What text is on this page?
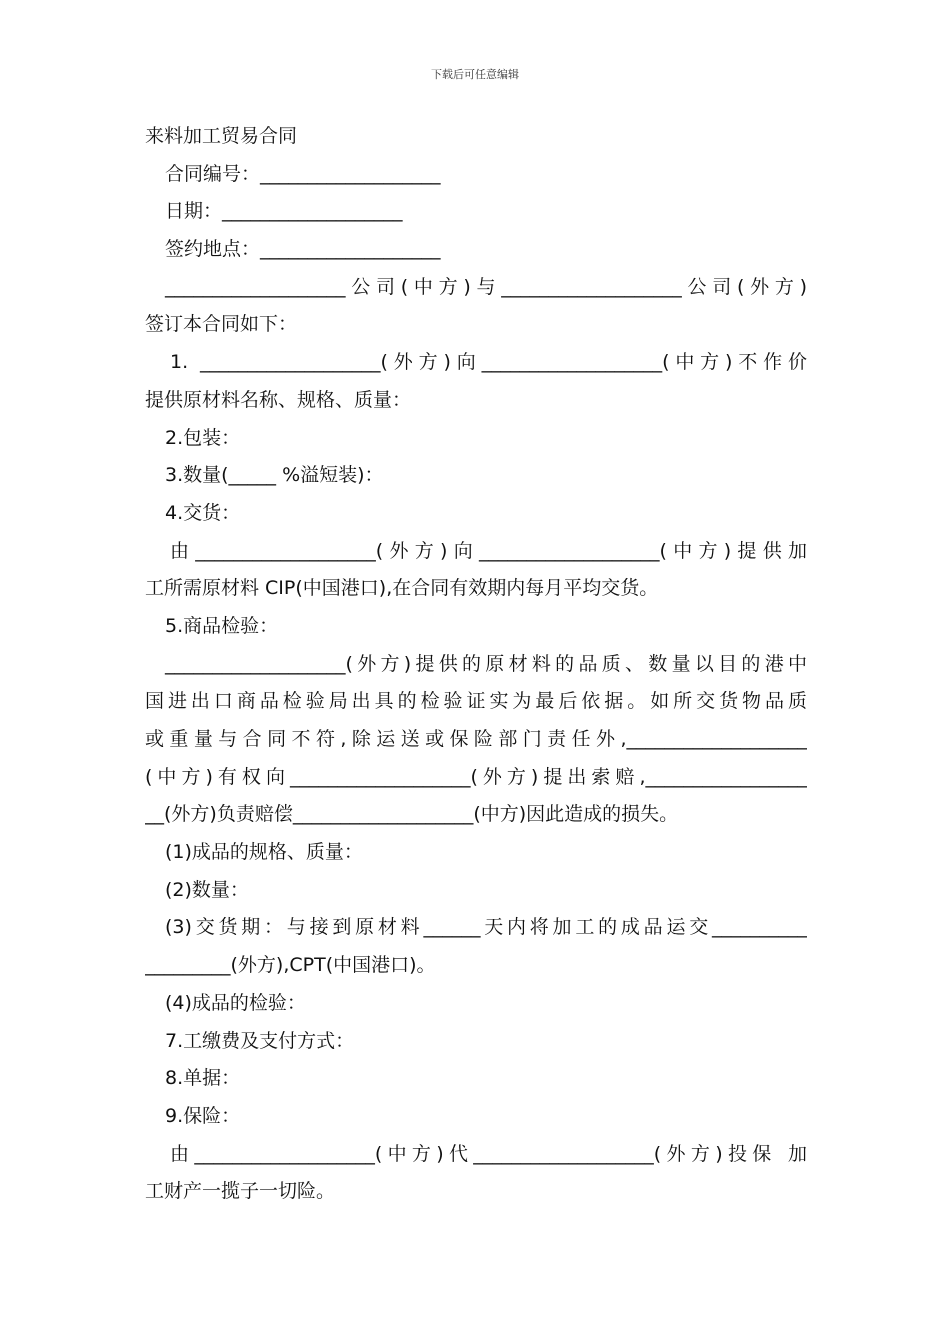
下载后可任意编辑
来料加工贸易合同
合同编号：___________________
日期：___________________
签约地点：___________________
___________________公司(中方)与___________________公司(外方)
签订本合同如下：
1. ___________________(外方)向___________________(中方)不作价
提供原材料名称、规格、质量：
2.包装：
3.数量(_____ %溢短装)：
4.交货：
由___________________(外方)向___________________(中方)提供加
工所需原材料 CIP(中国港口),在合同有效期内每月平均交货。
5.商品检验：
___________________(外方)提供的原材料的品质、数量以目的港中
国进出口商品检验局出具的检验证实为最后依据。如所交货物品质
或重量与合同不符,除运送或保险部门责任外,___________________
(中方)有权向___________________(外方)提出索赔,_________________
__(外方)负责赔偿___________________(中方)因此造成的损失。
(1)成品的规格、质量：
(2)数量：
(3)交货期：与接到原材料______天内将加工的成品运交__________
_________(外方),CPT(中国港口)。
(4)成品的检验：
7.工缴费及支付方式：
8.单据：
9.保险：
由___________________(中方)代___________________(外方)投保 加
工财产一揽子一切险。
